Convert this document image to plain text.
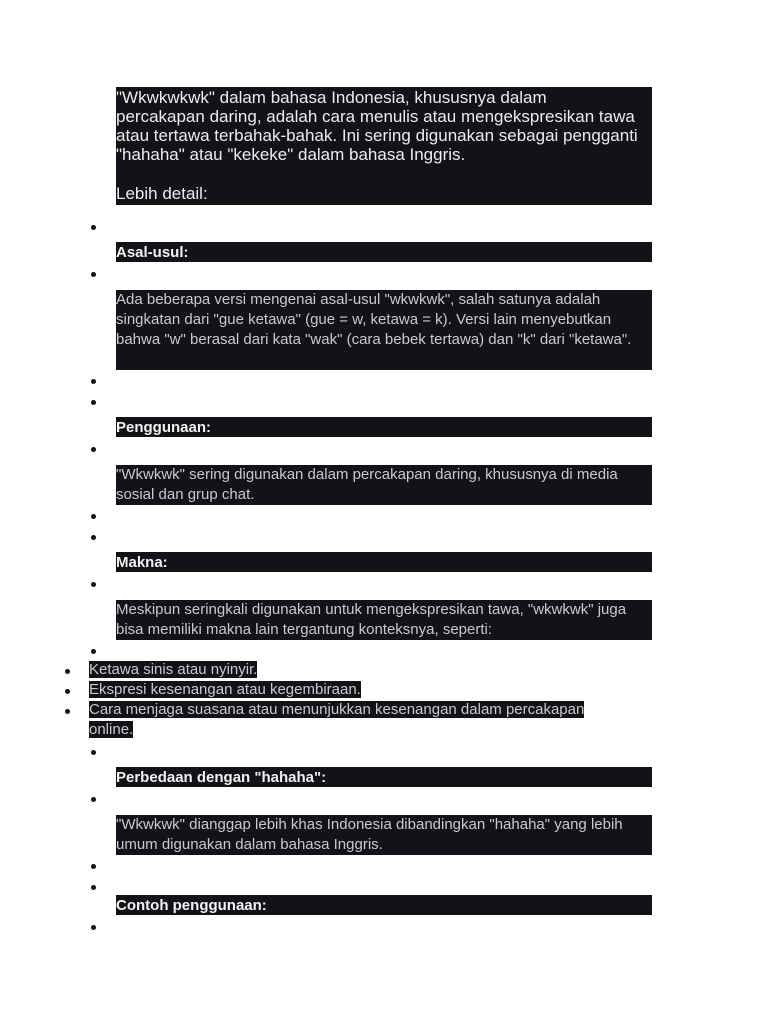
"Wkwkwkwk" dalam bahasa Indonesia, khususnya dalam
percakapan daring, adalah cara menulis atau mengekspresikan tawa
atau tertawa terbahak-bahak. Ini sering digunakan sebagai pengganti
"hahaha" atau "kekeke" dalam bahasa Inggris.
Lebih detail:
Asal-usul:
Ada beberapa versi mengenai asal-usul "wkwkwk", salah satunya adalah singkatan dari "gue ketawa" (gue = w, ketawa = k). Versi lain menyebutkan bahwa "w" berasal dari kata "wak" (cara bebek tertawa) dan "k" dari "ketawa".
Penggunaan:
"Wkwkwk" sering digunakan dalam percakapan daring, khususnya di media sosial dan grup chat.
Makna:
Meskipun seringkali digunakan untuk mengekspresikan tawa, "wkwkwk" juga bisa memiliki makna lain tergantung konteksnya, seperti:
Ketawa sinis atau nyinyir.
Ekspresi kesenangan atau kegembiraan.
Cara menjaga suasana atau menunjukkan kesenangan dalam percakapan online.
Perbedaan dengan "hahaha":
"Wkwkwk" dianggap lebih khas Indonesia dibandingkan "hahaha" yang lebih umum digunakan dalam bahasa Inggris.
Contoh penggunaan:
